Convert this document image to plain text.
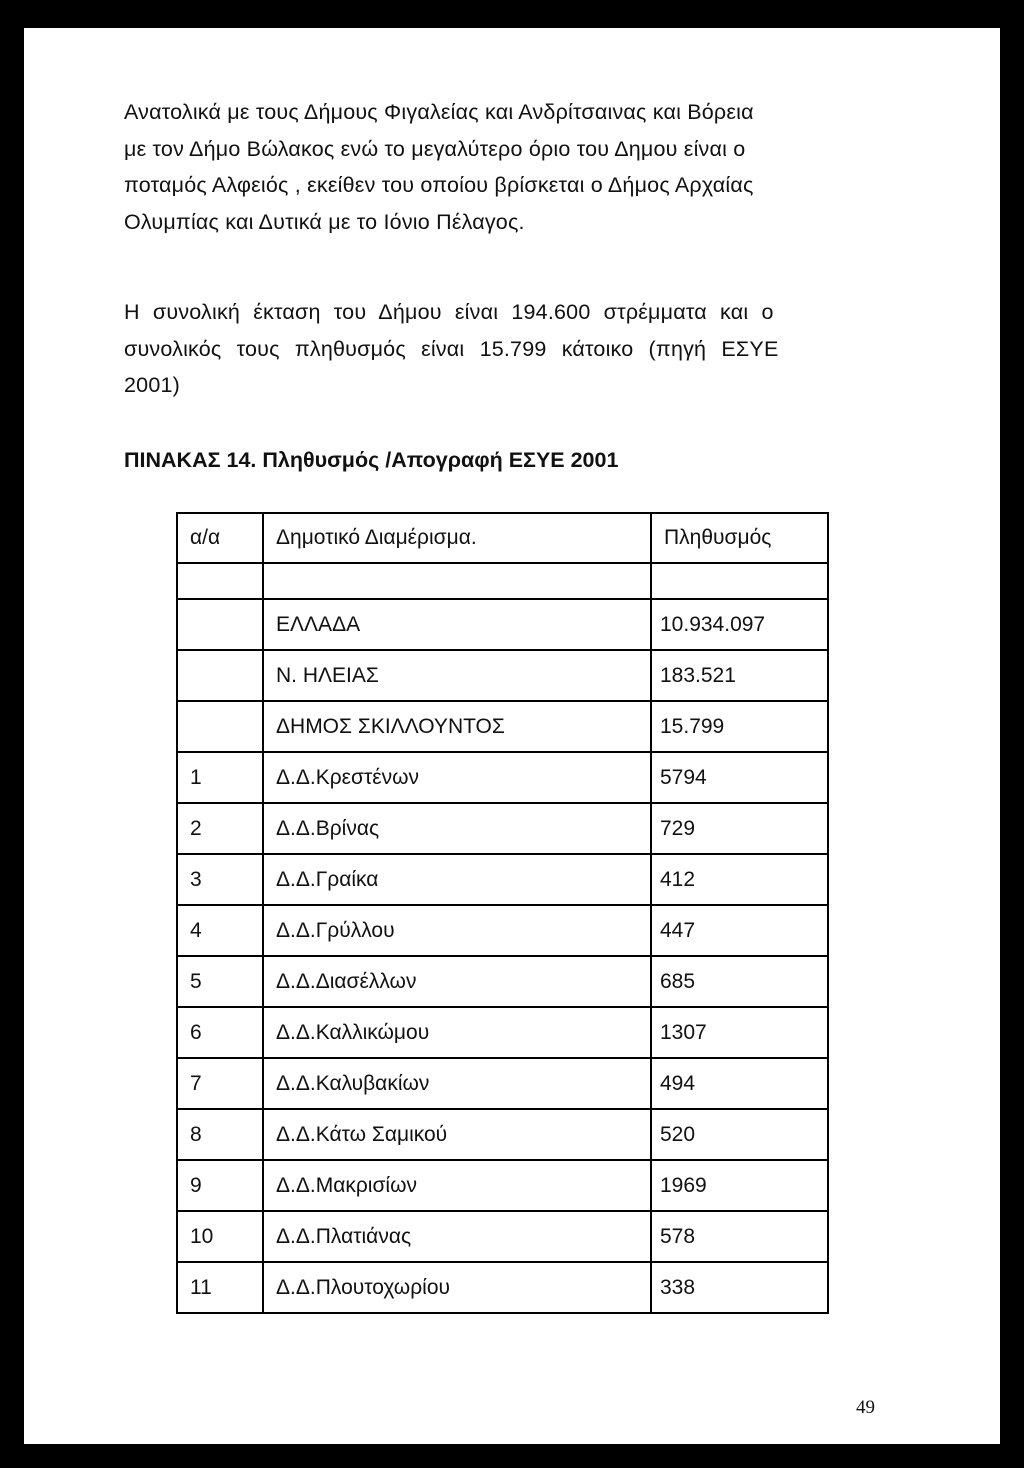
Ανατολικά με τους Δήμους Φιγαλείας και Ανδρίτσαινας και Βόρεια
με τον Δήμο Βώλακος ενώ το μεγαλύτερο όριο του Δημου είναι ο
ποταμός Αλφειός , εκείθεν του οποίου βρίσκεται ο Δήμος Αρχαίας
Ολυμπίας και Δυτικά με το Ιόνιο Πέλαγος.

Η συνολική έκταση του Δήμου είναι 194.600 στρέμματα και ο
συνολικός τους πληθυσμός είναι 15.799 κάτοικο (πηγή ΕΣΥΕ
2001)

ΠΙΝΑΚΑΣ 14. Πληθυσμός /Απογραφή ΕΣΥΕ 2001
α/α	Δημοτικό Διαμέρισμα.	Πληθυσμός

	ΕΛΛΑΔΑ	10.934.097
	Ν. ΗΛΕΙΑΣ	183.521
	ΔΗΜΟΣ ΣΚΙΛΛΟΥΝΤΟΣ	15.799
1	Δ.Δ.Κρεστένων	5794
2	Δ.Δ.Βρίνας	729
3	Δ.Δ.Γραίκα	412
4	Δ.Δ.Γρύλλου	447
5	Δ.Δ.Διασέλλων	685
6	Δ.Δ.Καλλικώμου	1307
7	Δ.Δ.Καλυβακίων	494
8	Δ.Δ.Κάτω Σαμικού	520
9	Δ.Δ.Μακρισίων	1969
10	Δ.Δ.Πλατιάνας	578
11	Δ.Δ.Πλουτοχωρίου	338
49
